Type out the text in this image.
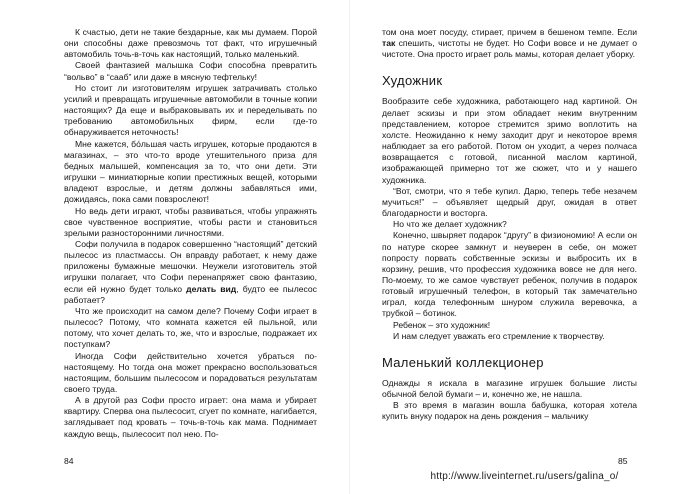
К счастью, дети не такие бездарные, как мы думаем. Порой они способны даже превозмочь тот факт, что игрушечный автомобиль точь-в-точь как настоящий, только маленький.

Своей фантазией малышка Софи способна превратить “вольво” в “сааб” или даже в мясную тефтельку!

Но стоит ли изготовителям игрушек затрачивать столько усилий и превращать игрушечные автомобили в точные копии настоящих? Да еще и выбраковывать их и переделывать по требованию автомобильных фирм, если где-то обнаруживается неточность!

Мне кажется, бо́льшая часть игрушек, которые продаются в магазинах, – это что-то вроде утешительного приза для бедных малышей, компенсация за то, что они дети. Эти игрушки – миниатюрные копии престижных вещей, которыми владеют взрослые, и детям должны забавляться ими, дожидаясь, пока сами повзрослеют!

Но ведь дети играют, чтобы развиваться, чтобы упражнять свое чувственное восприятие, чтобы расти и становиться зрелыми разносторонними личностями.

Софи получила в подарок совершенно “настоящий” детский пылесос из пластмассы. Он вправду работает, к нему даже приложены бумажные мешочки. Неужели изготовитель этой игрушки полагает, что Софи перенапряжет свою фантазию, если ей нужно будет только делать вид, будто ее пылесос работает?

Что же происходит на самом деле? Почему Софи играет в пылесос? Потому, что комната кажется ей пыльной, или потому, что хочет делать то, же, что и взрослые, подражает их поступкам?

Иногда Софи действительно хочется убраться по-настоящему. Но тогда она может прекрасно воспользоваться настоящим, большим пылесосом и порадоваться результатам своего труда.

А в другой раз Софи просто играет: она мама и убирает квартиру. Сперва она пылесосит, сгует по комнате, нагибается, заглядывает под кровать – точь-в-точь как мама. Поднимает каждую вещь, пылесосит пол нею. По-

84

том она моет посуду, стирает, причем в бешеном темпе. Если так спешить, чистоты не будет. Но Софи вовсе и не думает о чистоте. Она просто играет роль мамы, которая делает уборку.

Художник

Вообразите себе художника, работающего над картиной. Он делает эскизы и при этом обладает неким внутренним представлением, которое стремится зримо воплотить на холсте. Неожиданно к нему заходит друг и некоторое время наблюдает за его работой. Потом он уходит, а через полчаса возвращается с готовой, писанной маслом картиной, изображающей примерно тот же сюжет, что и у нашего художника.

“Вот, смотри, что я тебе купил. Дарю, теперь тебе незачем мучиться!” – объявляет щедрый друг, ожидая в ответ благодарности и восторга.

Но что же делает художник?

Конечно, швыряет подарок “другу” в физиономию! А если он по натуре скорее замкнут и неуверен в себе, он может попросту порвать собственные эскизы и выбросить их в корзину, решив, что профессия художника вовсе не для него. По-моему, то же самое чувствует ребенок, получив в подарок готовый игрушечный телефон, в который так замечательно играл, когда телефонным шнуром служила веревочка, а трубкой – ботинок.

Ребенок – это художник!

И нам следует уважать его стремление к творчеству.

Маленький коллекционер

Однажды я искала в магазине игрушек большие листы обычной белой бумаги – и, конечно же, не нашла.

В это время в магазин вошла бабушка, которая хотела купить внуку подарок на день рождения – мальчику

85
http://www.liveinternet.ru/users/galina_o/
